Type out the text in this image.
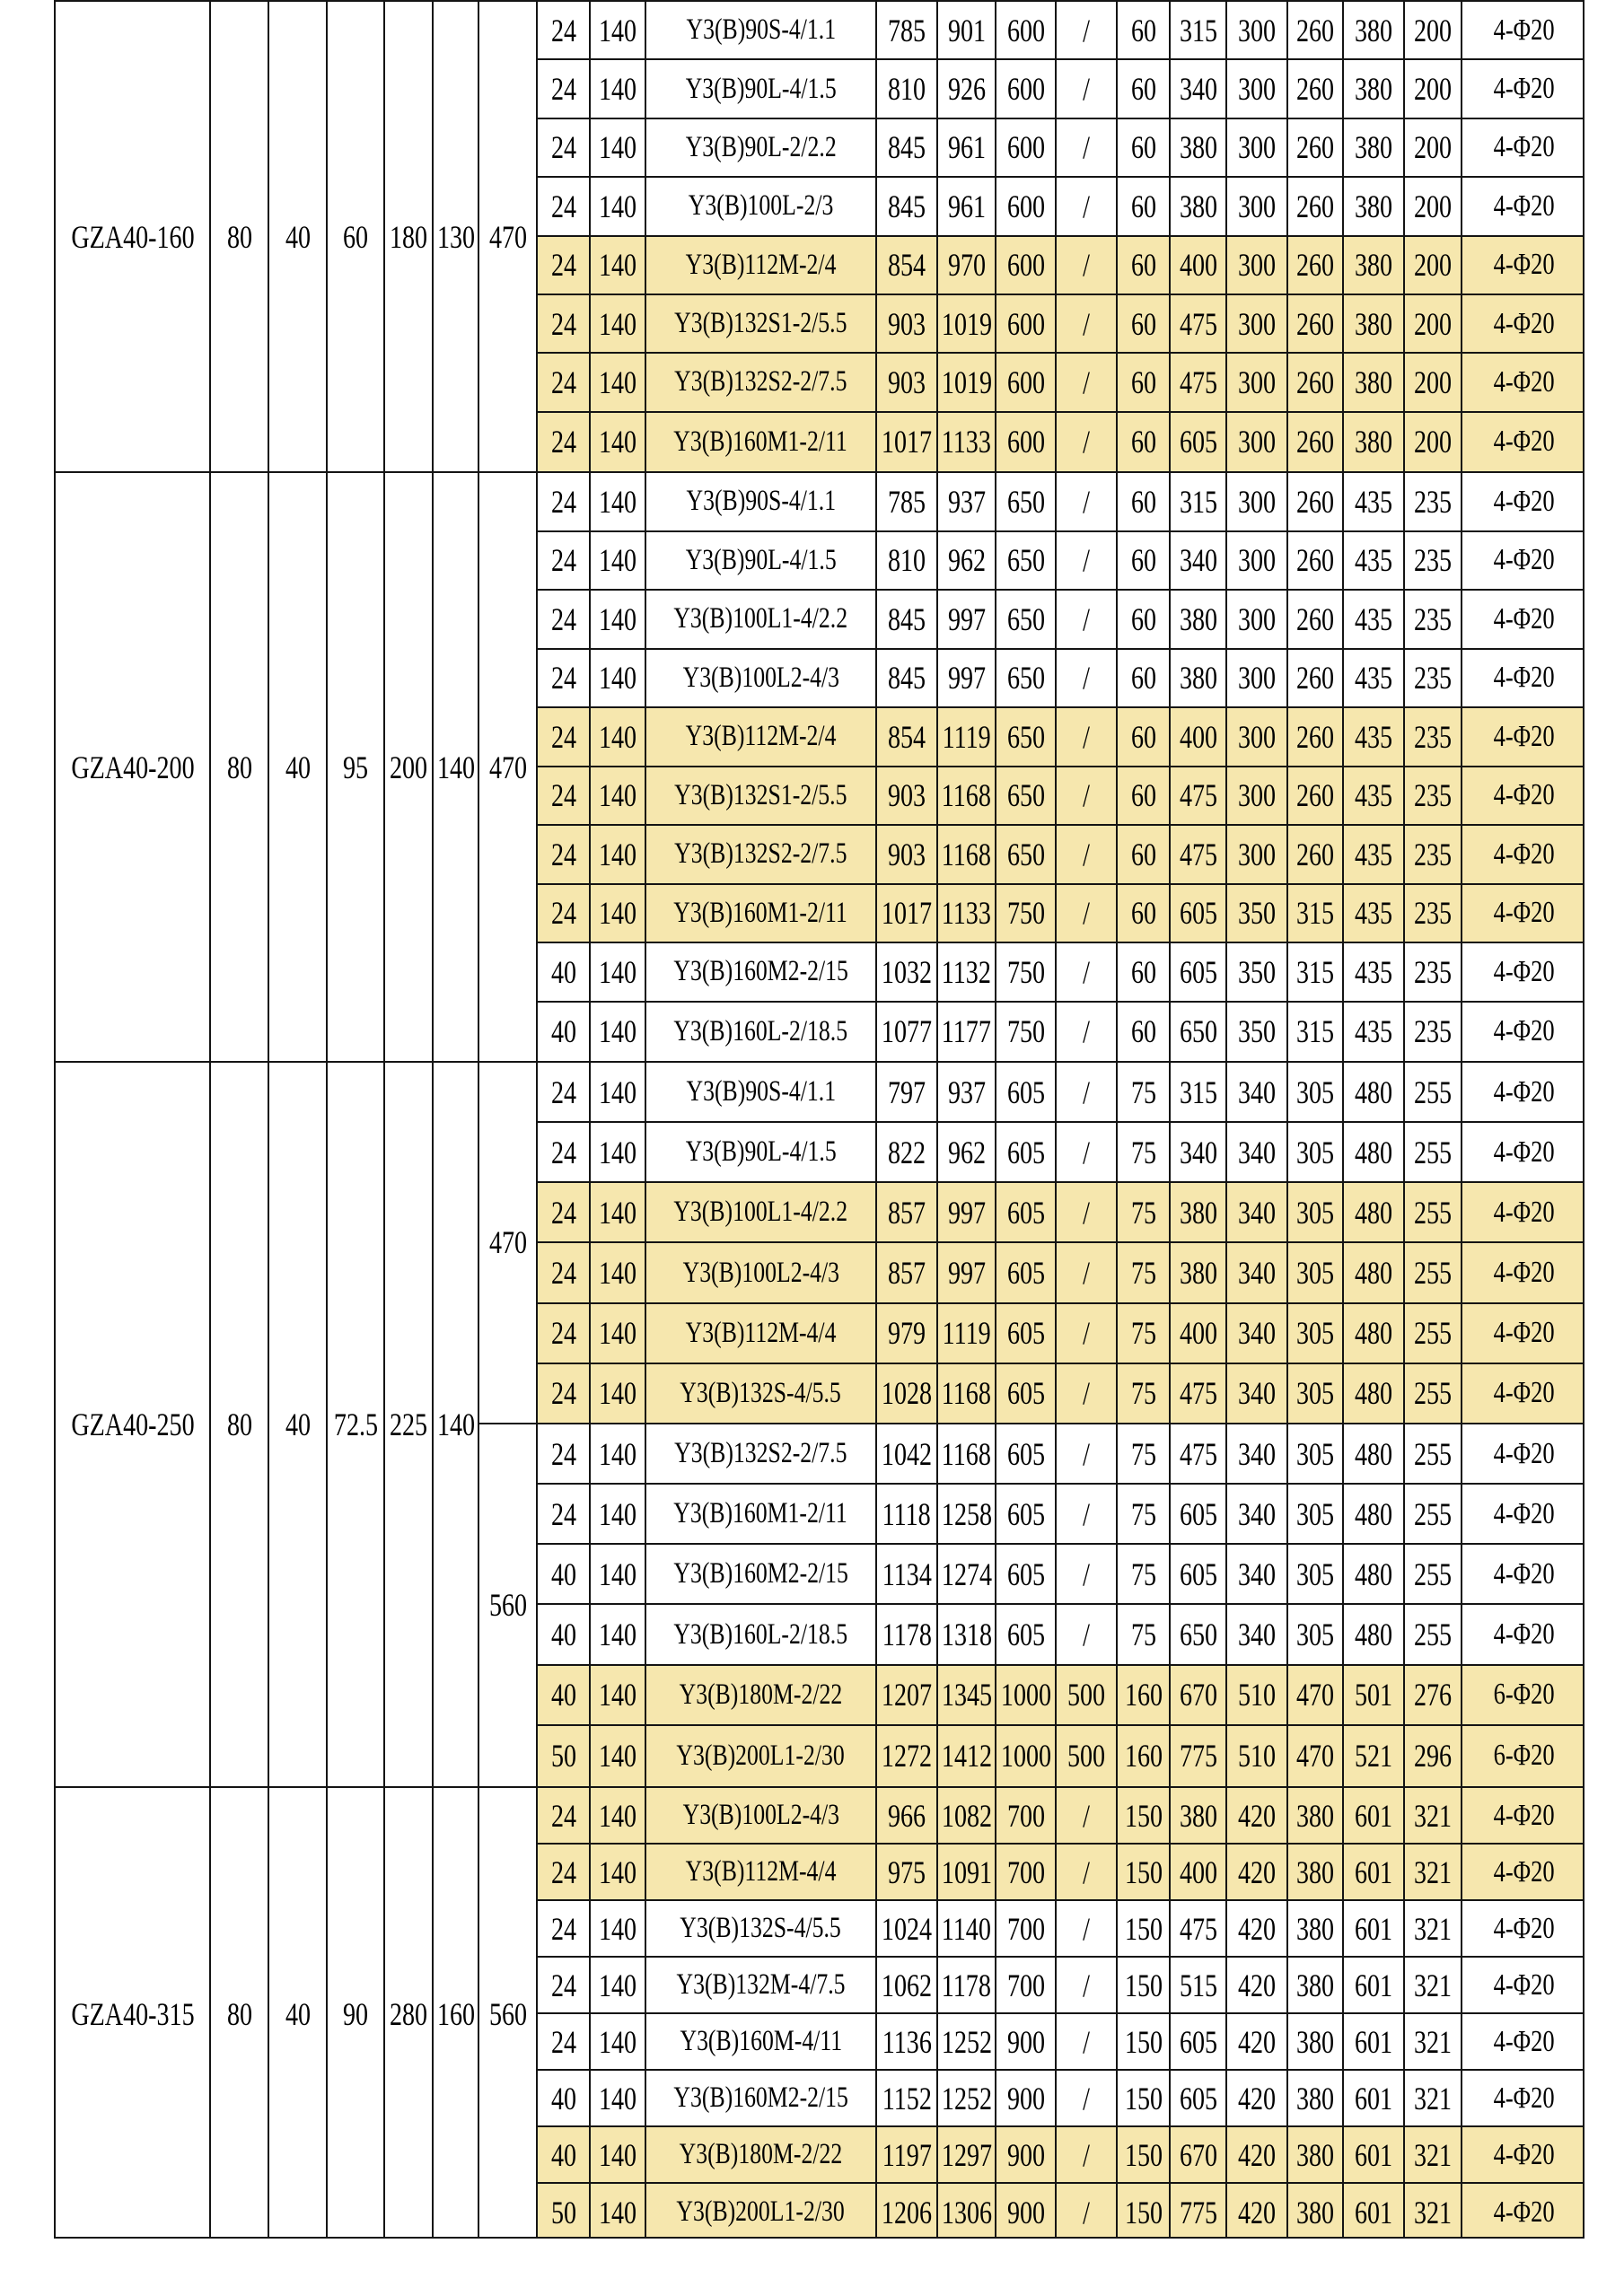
GZA40-160 80 40 60 180 130 470
24 140 Y3(B)90S-4/1.1 785 901 600 / 60 315 300 260 380 200 4-Φ20
24 140 Y3(B)90L-4/1.5 810 926 600 / 60 340 300 260 380 200 4-Φ20
24 140 Y3(B)90L-2/2.2 845 961 600 / 60 380 300 260 380 200 4-Φ20
24 140 Y3(B)100L-2/3 845 961 600 / 60 380 300 260 380 200 4-Φ20
24 140 Y3(B)112M-2/4 854 970 600 / 60 400 300 260 380 200 4-Φ20
24 140 Y3(B)132S1-2/5.5 903 1019 600 / 60 475 300 260 380 200 4-Φ20
24 140 Y3(B)132S2-2/7.5 903 1019 600 / 60 475 300 260 380 200 4-Φ20
24 140 Y3(B)160M1-2/11 1017 1133 600 / 60 605 300 260 380 200 4-Φ20
GZA40-200 80 40 95 200 140 470
24 140 Y3(B)90S-4/1.1 785 937 650 / 60 315 300 260 435 235 4-Φ20
24 140 Y3(B)90L-4/1.5 810 962 650 / 60 340 300 260 435 235 4-Φ20
24 140 Y3(B)100L1-4/2.2 845 997 650 / 60 380 300 260 435 235 4-Φ20
24 140 Y3(B)100L2-4/3 845 997 650 / 60 380 300 260 435 235 4-Φ20
24 140 Y3(B)112M-2/4 854 1119 650 / 60 400 300 260 435 235 4-Φ20
24 140 Y3(B)132S1-2/5.5 903 1168 650 / 60 475 300 260 435 235 4-Φ20
24 140 Y3(B)132S2-2/7.5 903 1168 650 / 60 475 300 260 435 235 4-Φ20
24 140 Y3(B)160M1-2/11 1017 1133 750 / 60 605 350 315 435 235 4-Φ20
40 140 Y3(B)160M2-2/15 1032 1132 750 / 60 605 350 315 435 235 4-Φ20
40 140 Y3(B)160L-2/18.5 1077 1177 750 / 60 650 350 315 435 235 4-Φ20
GZA40-250 80 40 72.5 225 140
470
560
24 140 Y3(B)90S-4/1.1 797 937 605 / 75 315 340 305 480 255 4-Φ20
24 140 Y3(B)90L-4/1.5 822 962 605 / 75 340 340 305 480 255 4-Φ20
24 140 Y3(B)100L1-4/2.2 857 997 605 / 75 380 340 305 480 255 4-Φ20
24 140 Y3(B)100L2-4/3 857 997 605 / 75 380 340 305 480 255 4-Φ20
24 140 Y3(B)112M-4/4 979 1119 605 / 75 400 340 305 480 255 4-Φ20
24 140 Y3(B)132S-4/5.5 1028 1168 605 / 75 475 340 305 480 255 4-Φ20
24 140 Y3(B)132S2-2/7.5 1042 1168 605 / 75 475 340 305 480 255 4-Φ20
24 140 Y3(B)160M1-2/11 1118 1258 605 / 75 605 340 305 480 255 4-Φ20
40 140 Y3(B)160M2-2/15 1134 1274 605 / 75 605 340 305 480 255 4-Φ20
40 140 Y3(B)160L-2/18.5 1178 1318 605 / 75 650 340 305 480 255 4-Φ20
40 140 Y3(B)180M-2/22 1207 1345 1000 500 160 670 510 470 501 276 6-Φ20
50 140 Y3(B)200L1-2/30 1272 1412 1000 500 160 775 510 470 521 296 6-Φ20
GZA40-315 80 40 90 280 160 560
24 140 Y3(B)100L2-4/3 966 1082 700 / 150 380 420 380 601 321 4-Φ20
24 140 Y3(B)112M-4/4 975 1091 700 / 150 400 420 380 601 321 4-Φ20
24 140 Y3(B)132S-4/5.5 1024 1140 700 / 150 475 420 380 601 321 4-Φ20
24 140 Y3(B)132M-4/7.5 1062 1178 700 / 150 515 420 380 601 321 4-Φ20
24 140 Y3(B)160M-4/11 1136 1252 900 / 150 605 420 380 601 321 4-Φ20
40 140 Y3(B)160M2-2/15 1152 1252 900 / 150 605 420 380 601 321 4-Φ20
40 140 Y3(B)180M-2/22 1197 1297 900 / 150 670 420 380 601 321 4-Φ20
50 140 Y3(B)200L1-2/30 1206 1306 900 / 150 775 420 380 601 321 4-Φ20
